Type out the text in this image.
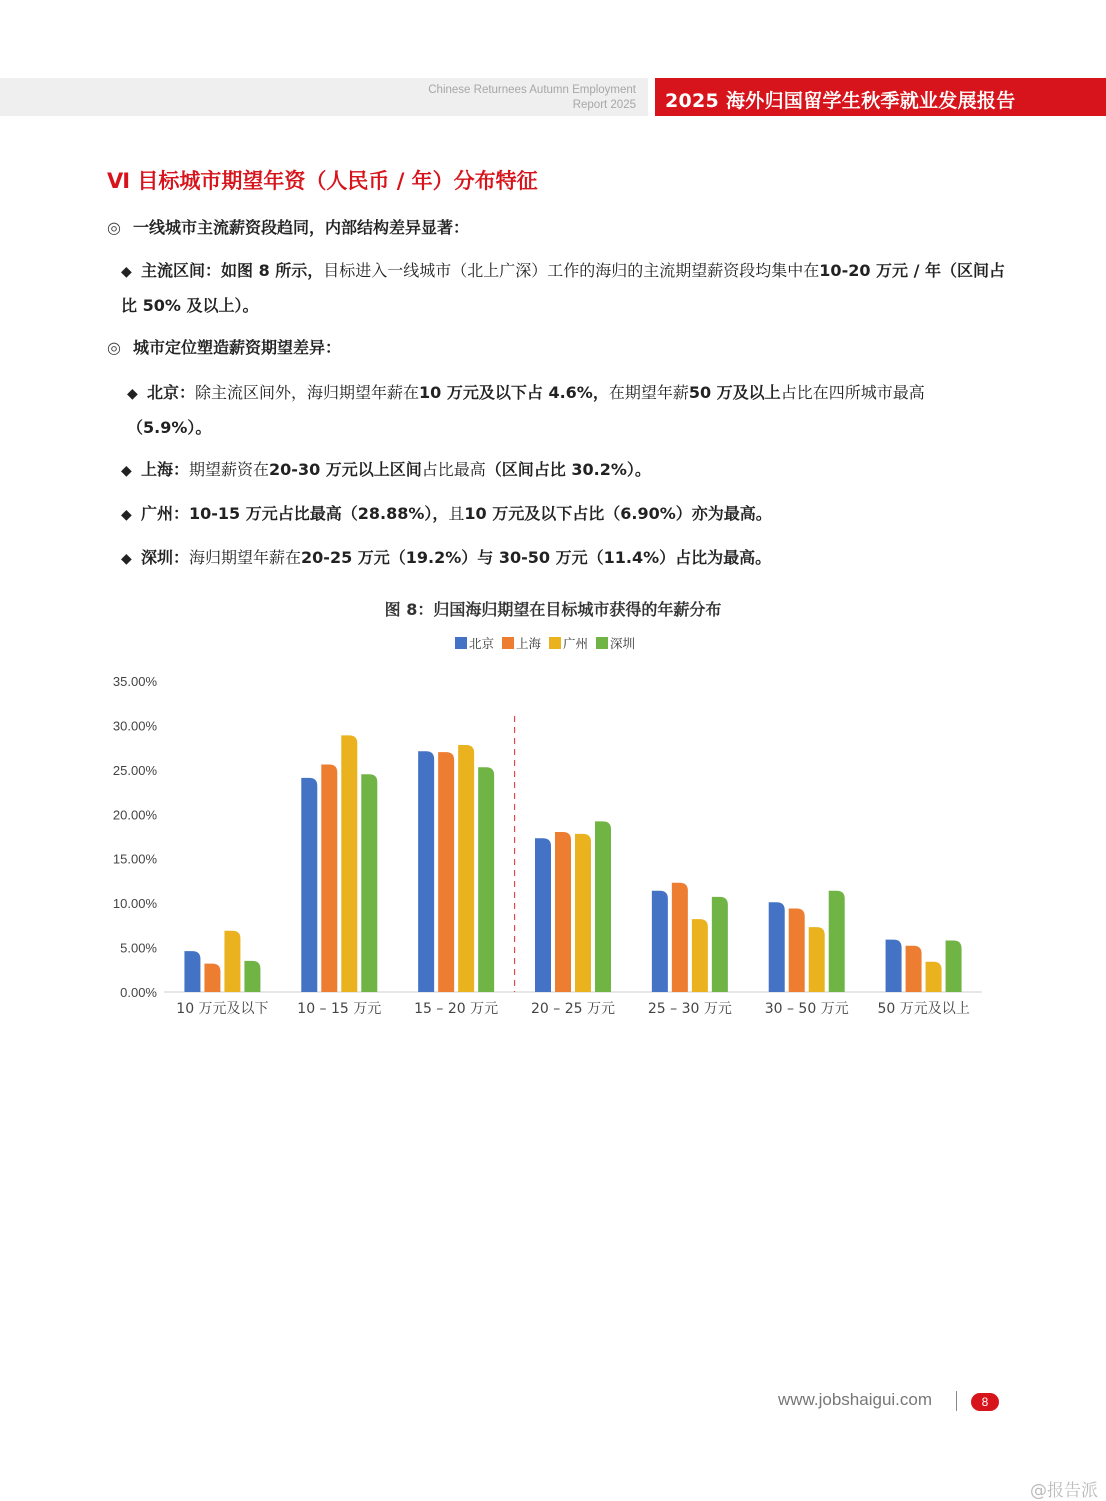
Chinese Returnees Autumn Employment
Report 2025 2025 海外归国留学生秋季就业发展报告
Ⅵ 目标城市期望年资（人民币 / 年）分布特征
◎ 一线城市主流薪资段趋同，内部结构差异显著：
◆ 主流区间：如图 8 所示，目标进入一线城市（北上广深）工作的海归的主流期望薪资段均集中在10-20 万元 / 年（区间占比 50% 及以上）。
◎ 城市定位塑造薪资期望差异：
◆ 北京：除主流区间外，海归期望年薪在10 万元及以下占 4.6%，在期望年薪50 万及以上占比在四所城市最高（5.9%）。
◆ 上海：期望薪资在20-30 万元以上区间占比最高（区间占比 30.2%）。
◆ 广州：10-15 万元占比最高（28.88%），且10 万元及以下占比（6.90%）亦为最高。
◆ 深圳：海归期望年薪在20-25 万元（19.2%）与 30-50 万元（11.4%）占比为最高。
图 8：归国海归期望在目标城市获得的年薪分布
北京 上海 广州 深圳
0.00%
5.00%
10.00%
15.00%
20.00%
25.00%
30.00%
35.00%
10 万元及以下 10 – 15 万元 15 – 20 万元 20 – 25 万元 25 – 30 万元 30 – 50 万元 50 万元及以上
www.jobshaigui.com	8
@报告派
